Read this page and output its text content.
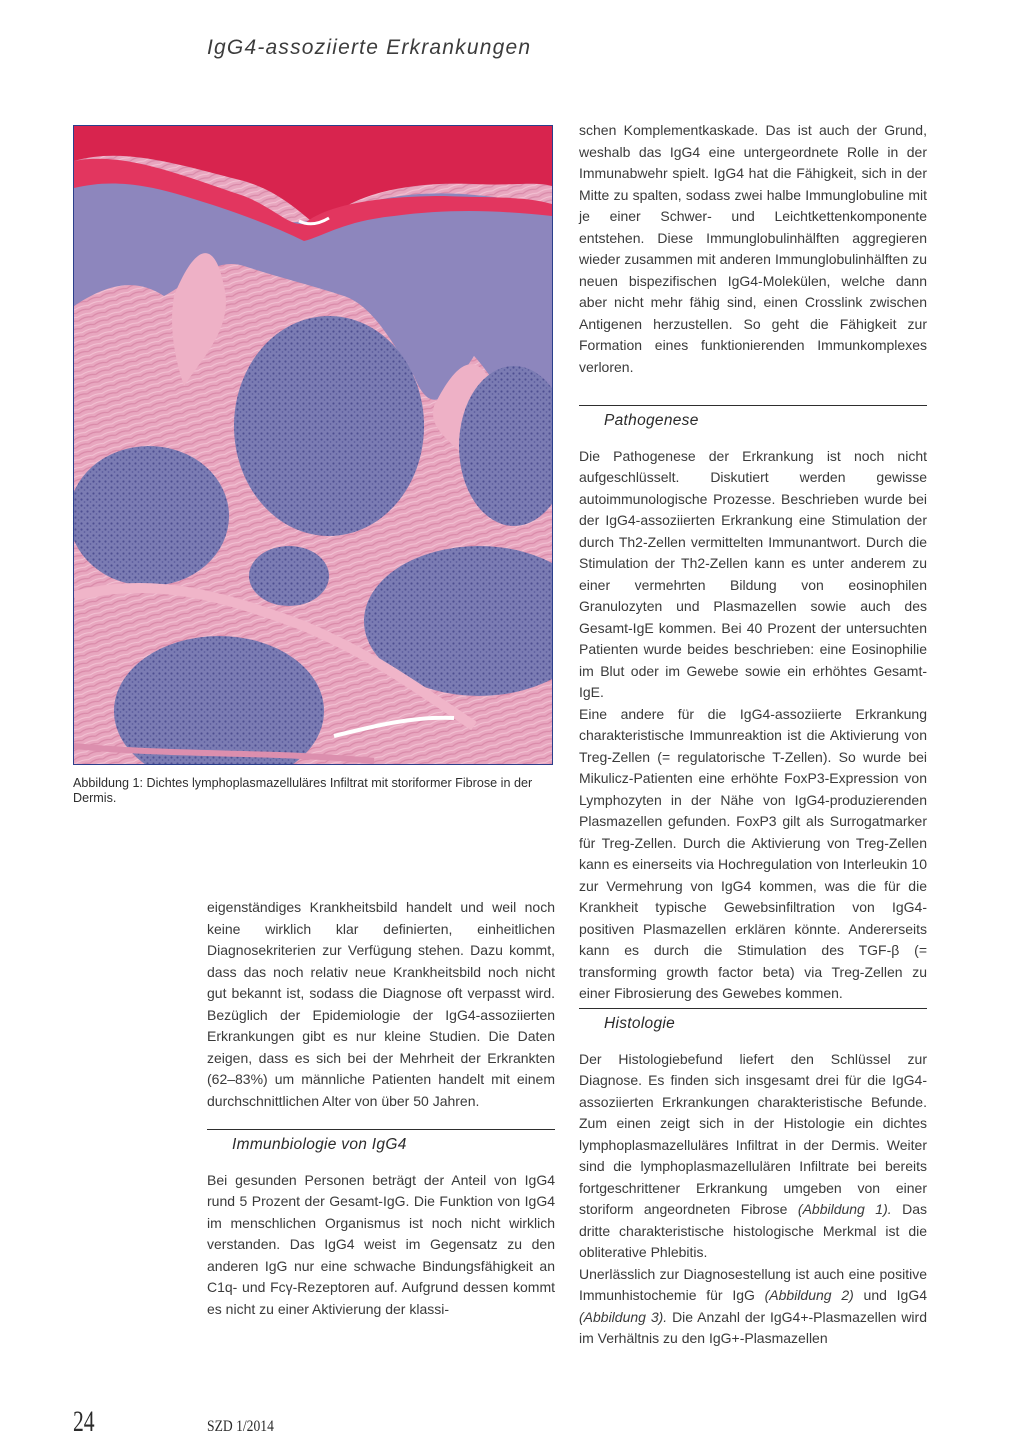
IgG4-assoziierte Erkrankungen
Abbildung 1: Dichtes lymphoplasmazelluläres Infiltrat mit storiformer Fibrose in der Dermis.

eigenständiges Krankheitsbild handelt und weil noch keine wirklich klar definierten, einheitlichen Diagnosekriterien zur Verfügung stehen. Dazu kommt, dass das noch relativ neue Krankheitsbild noch nicht gut bekannt ist, sodass die Diagnose oft verpasst wird. Bezüglich der Epidemiologie der IgG4-assoziierten Erkrankungen gibt es nur kleine Studien. Die Daten zeigen, dass es sich bei der Mehrheit der Erkrankten (62–83%) um männliche Patienten handelt mit einem durchschnittlichen Alter von über 50 Jahren.

Immunbiologie von IgG4

Bei gesunden Personen beträgt der Anteil von IgG4 rund 5 Prozent der Gesamt-IgG. Die Funktion von IgG4 im menschlichen Organismus ist noch nicht wirklich verstanden. Das IgG4 weist im Gegensatz zu den anderen IgG nur eine schwache Bindungsfähigkeit an C1q- und Fcγ-Rezeptoren auf. Aufgrund dessen kommt es nicht zu einer Aktivierung der klassi-

schen Komplementkaskade. Das ist auch der Grund, weshalb das IgG4 eine untergeordnete Rolle in der Immunabwehr spielt. IgG4 hat die Fähigkeit, sich in der Mitte zu spalten, sodass zwei halbe Immunglobuline mit je einer Schwer- und Leichtkettenkomponente entstehen. Diese Immunglobulinhälften aggregieren wieder zusammen mit anderen Immunglobulinhälften zu neuen bispezifischen IgG4-Molekülen, welche dann aber nicht mehr fähig sind, einen Crosslink zwischen Antigenen herzustellen. So geht die Fähigkeit zur Formation eines funktionierenden Immunkomplexes verloren.

Pathogenese

Die Pathogenese der Erkrankung ist noch nicht aufgeschlüsselt. Diskutiert werden gewisse autoimmunologische Prozesse. Beschrieben wurde bei der IgG4-assoziierten Erkrankung eine Stimulation der durch Th2-Zellen vermittelten Immunantwort. Durch die Stimulation der Th2-Zellen kann es unter anderem zu einer vermehrten Bildung von eosinophilen Granulozyten und Plasmazellen sowie auch des Gesamt-IgE kommen. Bei 40 Prozent der untersuchten Patienten wurde beides beschrieben: eine Eosinophilie im Blut oder im Gewebe sowie ein erhöhtes Gesamt-IgE.

Eine andere für die IgG4-assoziierte Erkrankung charakteristische Immunreaktion ist die Aktivierung von Treg-Zellen (= regulatorische T-Zellen). So wurde bei Mikulicz-Patienten eine erhöhte FoxP3-Expression von Lymphozyten in der Nähe von IgG4-produzierenden Plasmazellen gefunden. FoxP3 gilt als Surrogatmarker für Treg-Zellen. Durch die Aktivierung von Treg-Zellen kann es einerseits via Hochregulation von Interleukin 10 zur Vermehrung von IgG4 kommen, was die für die Krankheit typische Gewebsinfiltration von IgG4-positiven Plasmazellen erklären könnte. Andererseits kann es durch die Stimulation des TGF-β (= transforming growth factor beta) via Treg-Zellen zu einer Fibrosierung des Gewebes kommen.

Histologie

Der Histologiebefund liefert den Schlüssel zur Diagnose. Es finden sich insgesamt drei für die IgG4-assoziierten Erkrankungen charakteristische Befunde. Zum einen zeigt sich in der Histologie ein dichtes lymphoplasmazelluläres Infiltrat in der Dermis. Weiter sind die lymphoplasmazellulären Infiltrate bei bereits fortgeschrittener Erkrankung umgeben von einer storiform angeordneten Fibrose (Abbildung 1). Das dritte charakteristische histologische Merkmal ist die obliterative Phlebitis.

Unerlässlich zur Diagnosestellung ist auch eine positive Immunhistochemie für IgG (Abbildung 2) und IgG4 (Abbildung 3). Die Anzahl der IgG4+-Plasmazellen wird im Verhältnis zu den IgG+-Plasmazellen

24	SZD 1/2014
